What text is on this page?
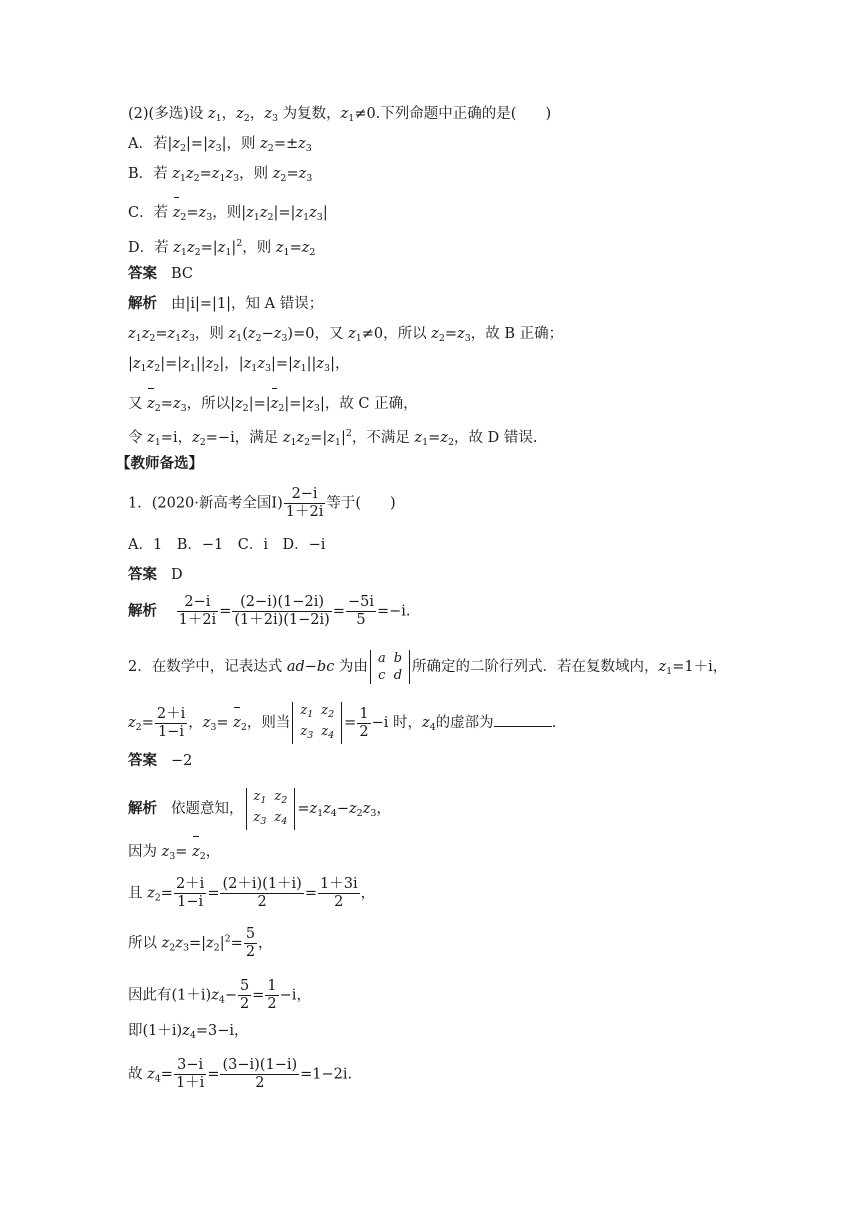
(2)(多选)设 $z_1$，$z_2$，$z_3$ 为复数，$z_1\ne 0$.下列命题中正确的是(　　)
A．若$|z_2|=|z_3|$，则 $z_2=\pm z_3$
B．若 $z_1z_2=z_1z_3$，则 $z_2=z_3$
C．若 $z_2=z_3$，则$|z_1z_2|=|z_1z_3|$
D．若 $z_1z_2=|z_1|^2$，则 $z_1=z_2$
答案 BC
解析 由|i|=|1|，知 A 错误；
$z_1z_2=z_1z_3$，则 $z_1(z_2-z_3)=0$，又 $z_1\ne 0$，所以 $z_2=z_3$，故 B 正确；
$|z_1z_2|=|z_1||z_2|$，$|z_1z_3|=|z_1||z_3|$，
又 $z_2=z_3$，所以$|z_2|=|z_2|=|z_3|$，故 C 正确，
令 $z_1=i$，$z_2=-i$，满足 $z_1z_2=|z_1|^2$，不满足 $z_1=z_2$，故 D 错误.
【教师备选】
1．(2020·新高考全国Ⅰ) $\frac{2-i}{1+2i}$ 等于(　　)
A．1　B．−1　C．i　D．−i
答案 D
解析 $\frac{2-i}{1+2i} = \frac{(2-i)(1-2i)}{(1+2i)(1-2i)} = \frac{-5i}{5} =-i$.
2．在数学中，记表达式 ad−bc 为由
a	b
c	d
所确定的二阶行列式．若在复数域内，$z_1=1+i$，
$z_2= \frac{2+i}{1-i}$ ，$z_3= z_2$，则当
$z_1$	$z_2$
$z_3$	$z_4$
= $\frac{1}{2} -i$ 时，$z_4$的虚部为	.
答案 −2
解析 依题意知，
$z_1$	$z_2$
$z_3$	$z_4$
$=z_1z_4-z_2z_3$，
因为 $z_3= z_2$，
且 $z_2= \frac{2+i}{1-i} = \frac{(2+i)(1+i)}{2} = \frac{1+3i}{2}$ ，
所以 $z_2z_3=|z_2|^2= \frac{5}{2}$ ，
因此有$(1+i)z_4- \frac{5}{2} = \frac{1}{2} -i$，
即$(1+i)z_4=3-i$，
故 $z_4= \frac{3-i}{1+i} = \frac{(3-i)(1-i)}{2} =1-2i$.
